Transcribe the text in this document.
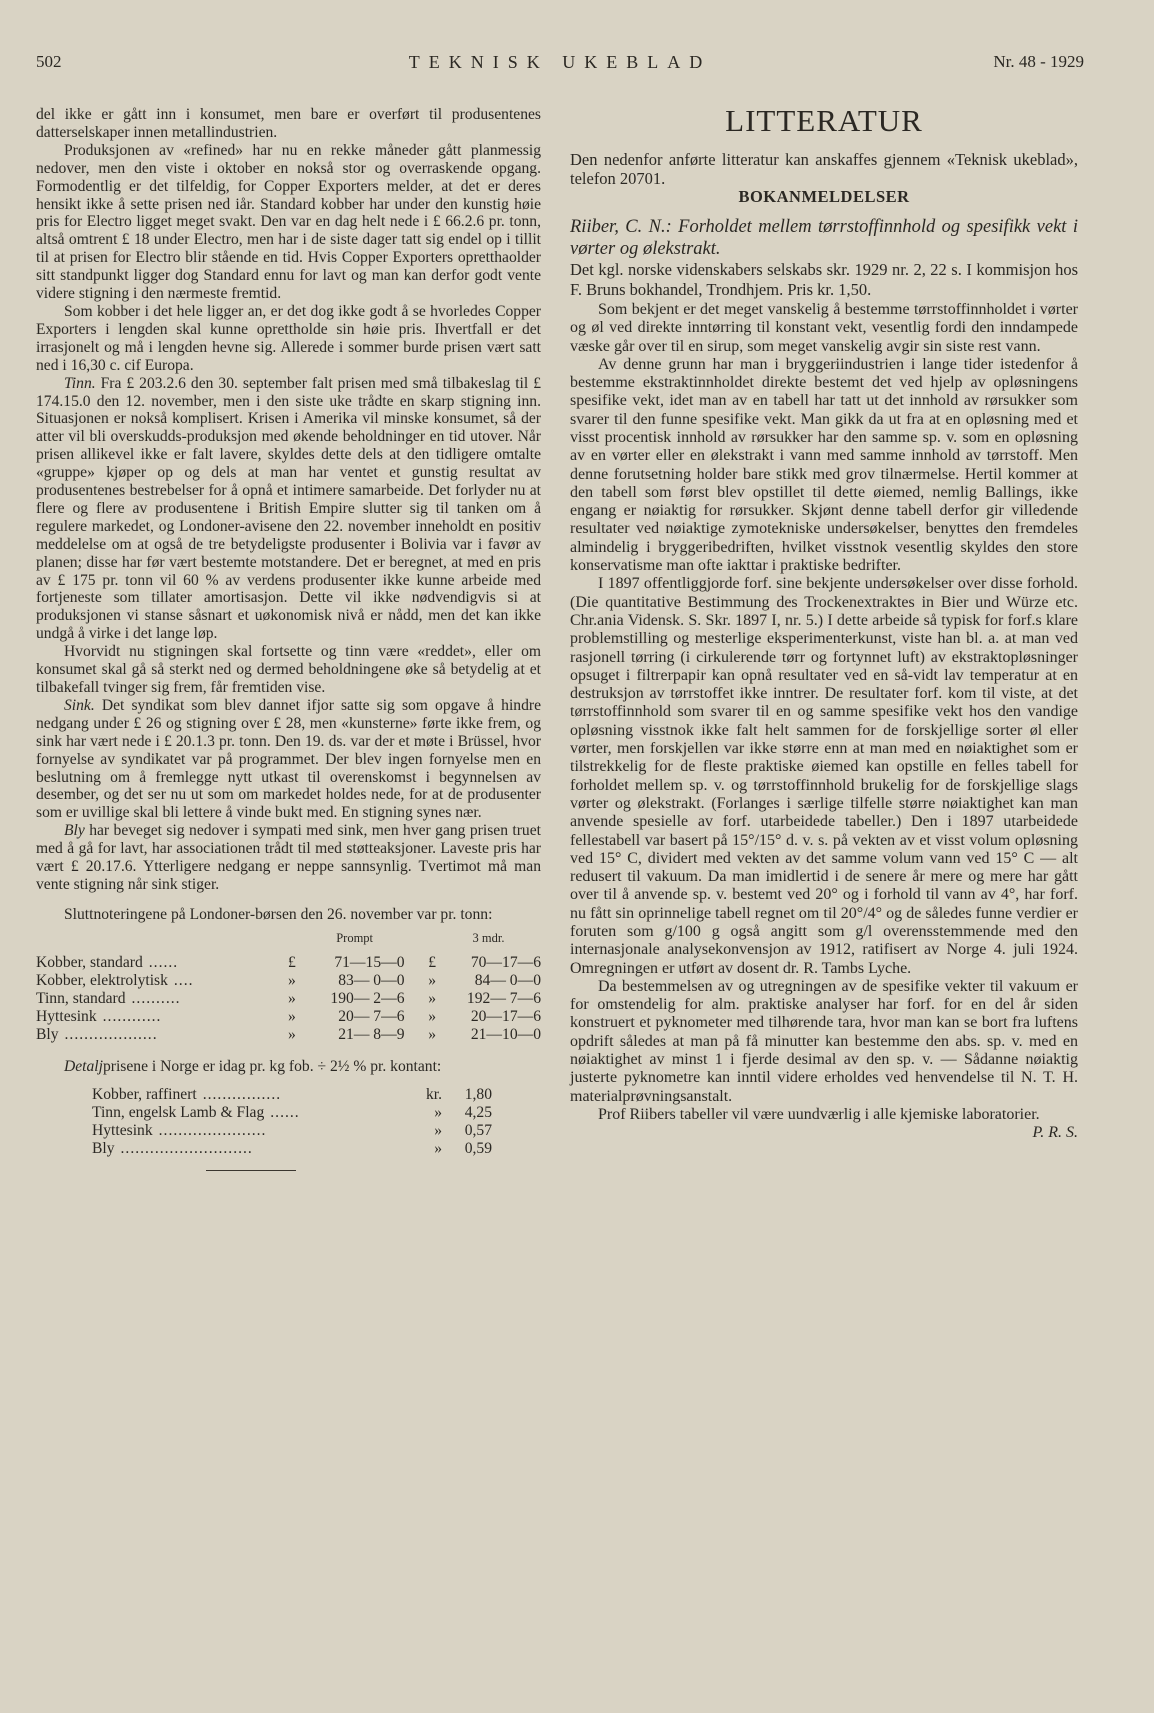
502	TEKNISK UKEBLAD	Nr. 48 - 1929

del ikke er gått inn i konsumet, men bare er overført til produsentenes datterselskaper innen metallindustrien.

Produksjonen av «refined» har nu en rekke måneder gått planmessig nedover, men den viste i oktober en nokså stor og overraskende opgang. Formodentlig er det tilfeldig, for Copper Exporters melder, at det er deres hensikt ikke å sette prisen ned iår. Standard kobber har under den kunstig høie pris for Electro ligget meget svakt. Den var en dag helt nede i £ 66.2.6 pr. tonn, altså omtrent £ 18 under Electro, men har i de siste dager tatt sig endel op i tillit til at prisen for Electro blir stående en tid. Hvis Copper Exporters opretthaolder sitt standpunkt ligger dog Standard ennu for lavt og man kan derfor godt vente videre stigning i den nærmeste fremtid.

Som kobber i det hele ligger an, er det dog ikke godt å se hvorledes Copper Exporters i lengden skal kunne oprettholde sin høie pris. Ihvertfall er det irrasjonelt og må i lengden hevne sig. Allerede i sommer burde prisen vært satt ned i 16,30 c. cif Europa.

Tinn. Fra £ 203.2.6 den 30. september falt prisen med små tilbakeslag til £ 174.15.0 den 12. november, men i den siste uke trådte en skarp stigning inn. Situasjonen er nokså komplisert. Krisen i Amerika vil minske konsumet, så der atter vil bli overskudds-produksjon med økende beholdninger en tid utover. Når prisen allikevel ikke er falt lavere, skyldes dette dels at den tidligere omtalte «gruppe» kjøper op og dels at man har ventet et gunstig resultat av produsentenes bestrebelser for å opnå et intimere samarbeide. Det forlyder nu at flere og flere av produsentene i British Empire slutter sig til tanken om å regulere markedet, og Londoner-avisene den 22. november inneholdt en positiv meddelelse om at også de tre betydeligste produsenter i Bolivia var i favør av planen; disse har før vært bestemte motstandere. Det er beregnet, at med en pris av £ 175 pr. tonn vil 60 % av verdens produsenter ikke kunne arbeide med fortjeneste som tillater amortisasjon. Dette vil ikke nødvendigvis si at produksjonen vi stanse såsnart et uøkonomisk nivå er nådd, men det kan ikke undgå å virke i det lange løp.

Hvorvidt nu stigningen skal fortsette og tinn være «reddet», eller om konsumet skal gå så sterkt ned og dermed beholdningene øke så betydelig at et tilbakefall tvinger sig frem, får fremtiden vise.

Sink. Det syndikat som blev dannet ifjor satte sig som opgave å hindre nedgang under £ 26 og stigning over £ 28, men «kunsterne» førte ikke frem, og sink har vært nede i £ 20.1.3 pr. tonn. Den 19. ds. var der et møte i Brüssel, hvor fornyelse av syndikatet var på programmet. Der blev ingen fornyelse men en beslutning om å fremlegge nytt utkast til overenskomst i begynnelsen av desember, og det ser nu ut som om markedet holdes nede, for at de produsenter som er uvillige skal bli lettere å vinde bukt med. En stigning synes nær.

Bly har beveget sig nedover i sympati med sink, men hver gang prisen truet med å gå for lavt, har associationen trådt til med støtteaksjoner. Laveste pris har vært £ 20.17.6. Ytterligere nedgang er neppe sannsynlig. Tvertimot må man vente stigning når sink stiger.

Sluttnoteringene på Londoner-børsen den 26. november var pr. tonn:

		Prompt		3 mdr.
Kobber, standard ......	£	71—15—0	£	70—17—6
Kobber, elektrolytisk ....	»	83— 0—0	»	84— 0—0
Tinn, standard ..........	»	190— 2—6	»	192— 7—6
Hyttesink ............	»	20— 7—6	»	20—17—6
Bly ...................	»	21— 8—9	»	21—10—0

Detaljprisene i Norge er idag pr. kg fob. ÷ 2½ % pr. kontant:

Kobber, raffinert ................	kr.	1,80
Tinn, engelsk Lamb & Flag ......	»	4,25
Hyttesink ......................	»	0,57
Bly ...........................	»	0,59
LITTERATUR

Den nedenfor anførte litteratur kan anskaffes gjennem «Teknisk ukeblad», telefon 20701.

BOKANMELDELSER

Riiber, C. N.: Forholdet mellem tørrstoffinnhold og spesifikk vekt i vørter og ølekstrakt.

Det kgl. norske videnskabers selskabs skr. 1929 nr. 2, 22 s. I kommisjon hos F. Bruns bokhandel, Trondhjem. Pris kr. 1,50.

Som bekjent er det meget vanskelig å bestemme tørrstoffinnholdet i vørter og øl ved direkte inntørring til konstant vekt, vesentlig fordi den inndampede væske går over til en sirup, som meget vanskelig avgir sin siste rest vann.

Av denne grunn har man i bryggeriindustrien i lange tider istedenfor å bestemme ekstraktinnholdet direkte bestemt det ved hjelp av opløsningens spesifike vekt, idet man av en tabell har tatt ut det innhold av rørsukker som svarer til den funne spesifike vekt. Man gikk da ut fra at en opløsning med et visst procentisk innhold av rørsukker har den samme sp. v. som en opløsning av en vørter eller en ølekstrakt i vann med samme innhold av tørrstoff. Men denne forutsetning holder bare stikk med grov tilnærmelse. Hertil kommer at den tabell som først blev opstillet til dette øiemed, nemlig Ballings, ikke engang er nøiaktig for rørsukker. Skjønt denne tabell derfor gir villedende resultater ved nøiaktige zymotekniske undersøkelser, benyttes den fremdeles almindelig i bryggeribedriften, hvilket visstnok vesentlig skyldes den store konservatisme man ofte iakttar i praktiske bedrifter.

I 1897 offentliggjorde forf. sine bekjente undersøkelser over disse forhold. (Die quantitative Bestimmung des Trockenextraktes in Bier und Würze etc. Chr.ania Vidensk. S. Skr. 1897 I, nr. 5.) I dette arbeide så typisk for forf.s klare problemstilling og mesterlige eksperimenterkunst, viste han bl. a. at man ved rasjonell tørring (i cirkulerende tørr og fortynnet luft) av ekstraktopløsninger opsuget i filtrerpapir kan opnå resultater ved en så-vidt lav temperatur at en destruksjon av tørrstoffet ikke inntrer. De resultater forf. kom til viste, at det tørrstoffinnhold som svarer til en og samme spesifike vekt hos den vandige opløsning visstnok ikke falt helt sammen for de forskjellige sorter øl eller vørter, men forskjellen var ikke større enn at man med en nøiaktighet som er tilstrekkelig for de fleste praktiske øiemed kan opstille en felles tabell for forholdet mellem sp. v. og tørrstoffinnhold brukelig for de forskjellige slags vørter og ølekstrakt. (Forlanges i særlige tilfelle større nøiaktighet kan man anvende spesielle av forf. utarbeidede tabeller.) Den i 1897 utarbeidede fellestabell var basert på 15°/15° d. v. s. på vekten av et visst volum opløsning ved 15° C, dividert med vekten av det samme volum vann ved 15° C — alt redusert til vakuum. Da man imidlertid i de senere år mere og mere har gått over til å anvende sp. v. bestemt ved 20° og i forhold til vann av 4°, har forf. nu fått sin oprinnelige tabell regnet om til 20°/4° og de således funne verdier er foruten som g/100 g også angitt som g/l overensstemmende med den internasjonale analysekonvensjon av 1912, ratifisert av Norge 4. juli 1924. Omregningen er utført av dosent dr. R. Tambs Lyche.

Da bestemmelsen av og utregningen av de spesifike vekter til vakuum er for omstendelig for alm. praktiske analyser har forf. for en del år siden konstruert et pyknometer med tilhørende tara, hvor man kan se bort fra luftens opdrift således at man på få minutter kan bestemme den abs. sp. v. med en nøiaktighet av minst 1 i fjerde desimal av den sp. v. — Sådanne nøiaktig justerte pyknometre kan inntil videre erholdes ved henvendelse til N. T. H. materialprøvningsanstalt.

Prof Riibers tabeller vil være uundværlig i alle kjemiske laboratorier.
P. R. S.
